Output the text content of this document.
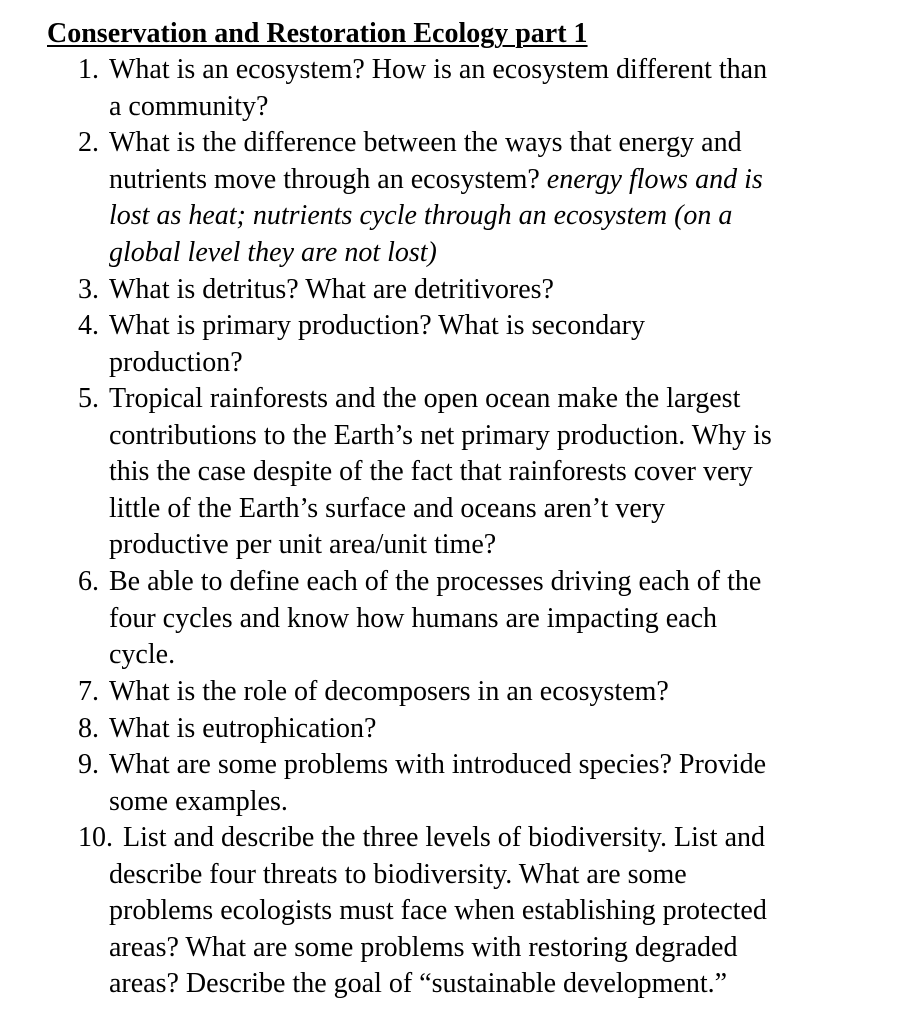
Conservation and Restoration Ecology part 1
1. What is an ecosystem? How is an ecosystem different than
a community?
2. What is the difference between the ways that energy and
nutrients move through an ecosystem? energy flows and is
lost as heat; nutrients cycle through an ecosystem (on a
global level they are not lost)
3. What is detritus? What are detritivores?
4. What is primary production? What is secondary
production?
5. Tropical rainforests and the open ocean make the largest
contributions to the Earth’s net primary production. Why is
this the case despite of the fact that rainforests cover very
little of the Earth’s surface and oceans aren’t very
productive per unit area/unit time?
6. Be able to define each of the processes driving each of the
four cycles and know how humans are impacting each
cycle.
7. What is the role of decomposers in an ecosystem?
8. What is eutrophication?
9. What are some problems with introduced species? Provide
some examples.
10. List and describe the three levels of biodiversity. List and
describe four threats to biodiversity. What are some
problems ecologists must face when establishing protected
areas? What are some problems with restoring degraded
areas? Describe the goal of “sustainable development.”
